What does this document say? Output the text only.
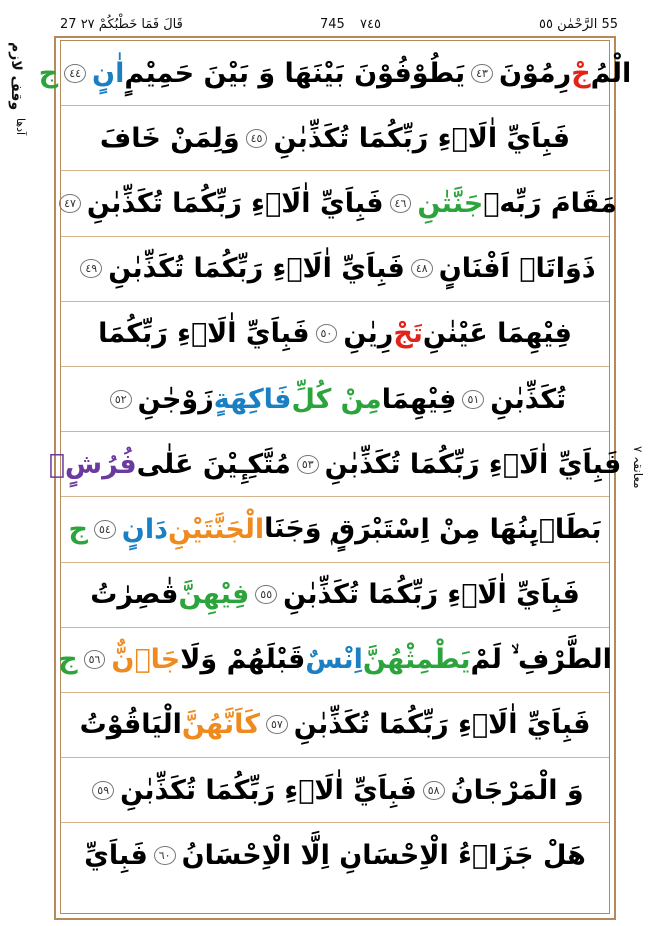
27 قَالَ فَمَا خَطْبُكُمْ ٢٧	745 ٧٤٥	55 الرَّحْمٰن ٥٥
الْمُ
جْ
رِمُوْنَ
٤٣
يَطُوْفُوْنَ بَيْنَهَا وَ بَيْنَ حَمِيْمٍ
اٰنٍ
٤٤
ج
فَبِاَيِّ اٰلَاۤءِ رَبِّكُمَا تُكَذِّبٰنِ
٤٥
وَلِمَنْ خَافَ
مَقَامَ رَبِّهٖ
جَنَّتٰنِ
٤٦
فَبِاَيِّ اٰلَاۤءِ رَبِّكُمَا تُكَذِّبٰنِ
٤٧
ذَوَاتَاۤ اَفْنَانٍ
٤٨
فَبِاَيِّ اٰلَاۤءِ رَبِّكُمَا تُكَذِّبٰنِ
٤٩
فِيْهِمَا عَيْنٰنِ
تَجْ
رِيٰنِ
٥٠
فَبِاَيِّ اٰلَاۤءِ رَبِّكُمَا
تُكَذِّبٰنِ
٥١
فِيْهِمَا
مِنْ كُلِّ
فَاكِهَةٍ
زَوْجٰنِ
٥٢
فَبِاَيِّ اٰلَاۤءِ رَبِّكُمَا تُكَذِّبٰنِ
٥٣
مُتَّكِـِٕيْنَ عَلٰى
فُرُشٍۭ
بَطَاۤىِٕنُهَا مِنْ اِسْتَبْرَقٍ
ۭ وَجَنَا
الْجَنَّتَيْنِ
دَانٍ
٥٤
ج
فَبِاَيِّ اٰلَاۤءِ رَبِّكُمَا تُكَذِّبٰنِ
٥٥
فِيْهِنَّ
قٰصِرٰتُ
الطَّرْفِ ۙ لَمْ
يَطْمِثْهُنَّ
اِنْسٌ
قَبْلَهُمْ وَلَا
جَاۤنٌّ
٥٦
ج
فَبِاَيِّ اٰلَاۤءِ رَبِّكُمَا تُكَذِّبٰنِ
٥٧
كَاَنَّهُنَّ
الْيَاقُوْتُ
وَ الْمَرْجَانُ
٥٨
فَبِاَيِّ اٰلَاۤءِ رَبِّكُمَا تُكَذِّبٰنِ
٥٩
هَلْ جَزَاۤءُ الْاِحْسَانِ اِلَّا الْاِحْسَانُ
٦٠
فَبِاَيِّ
وقف لازم
آدھا
معانقہ ٧
